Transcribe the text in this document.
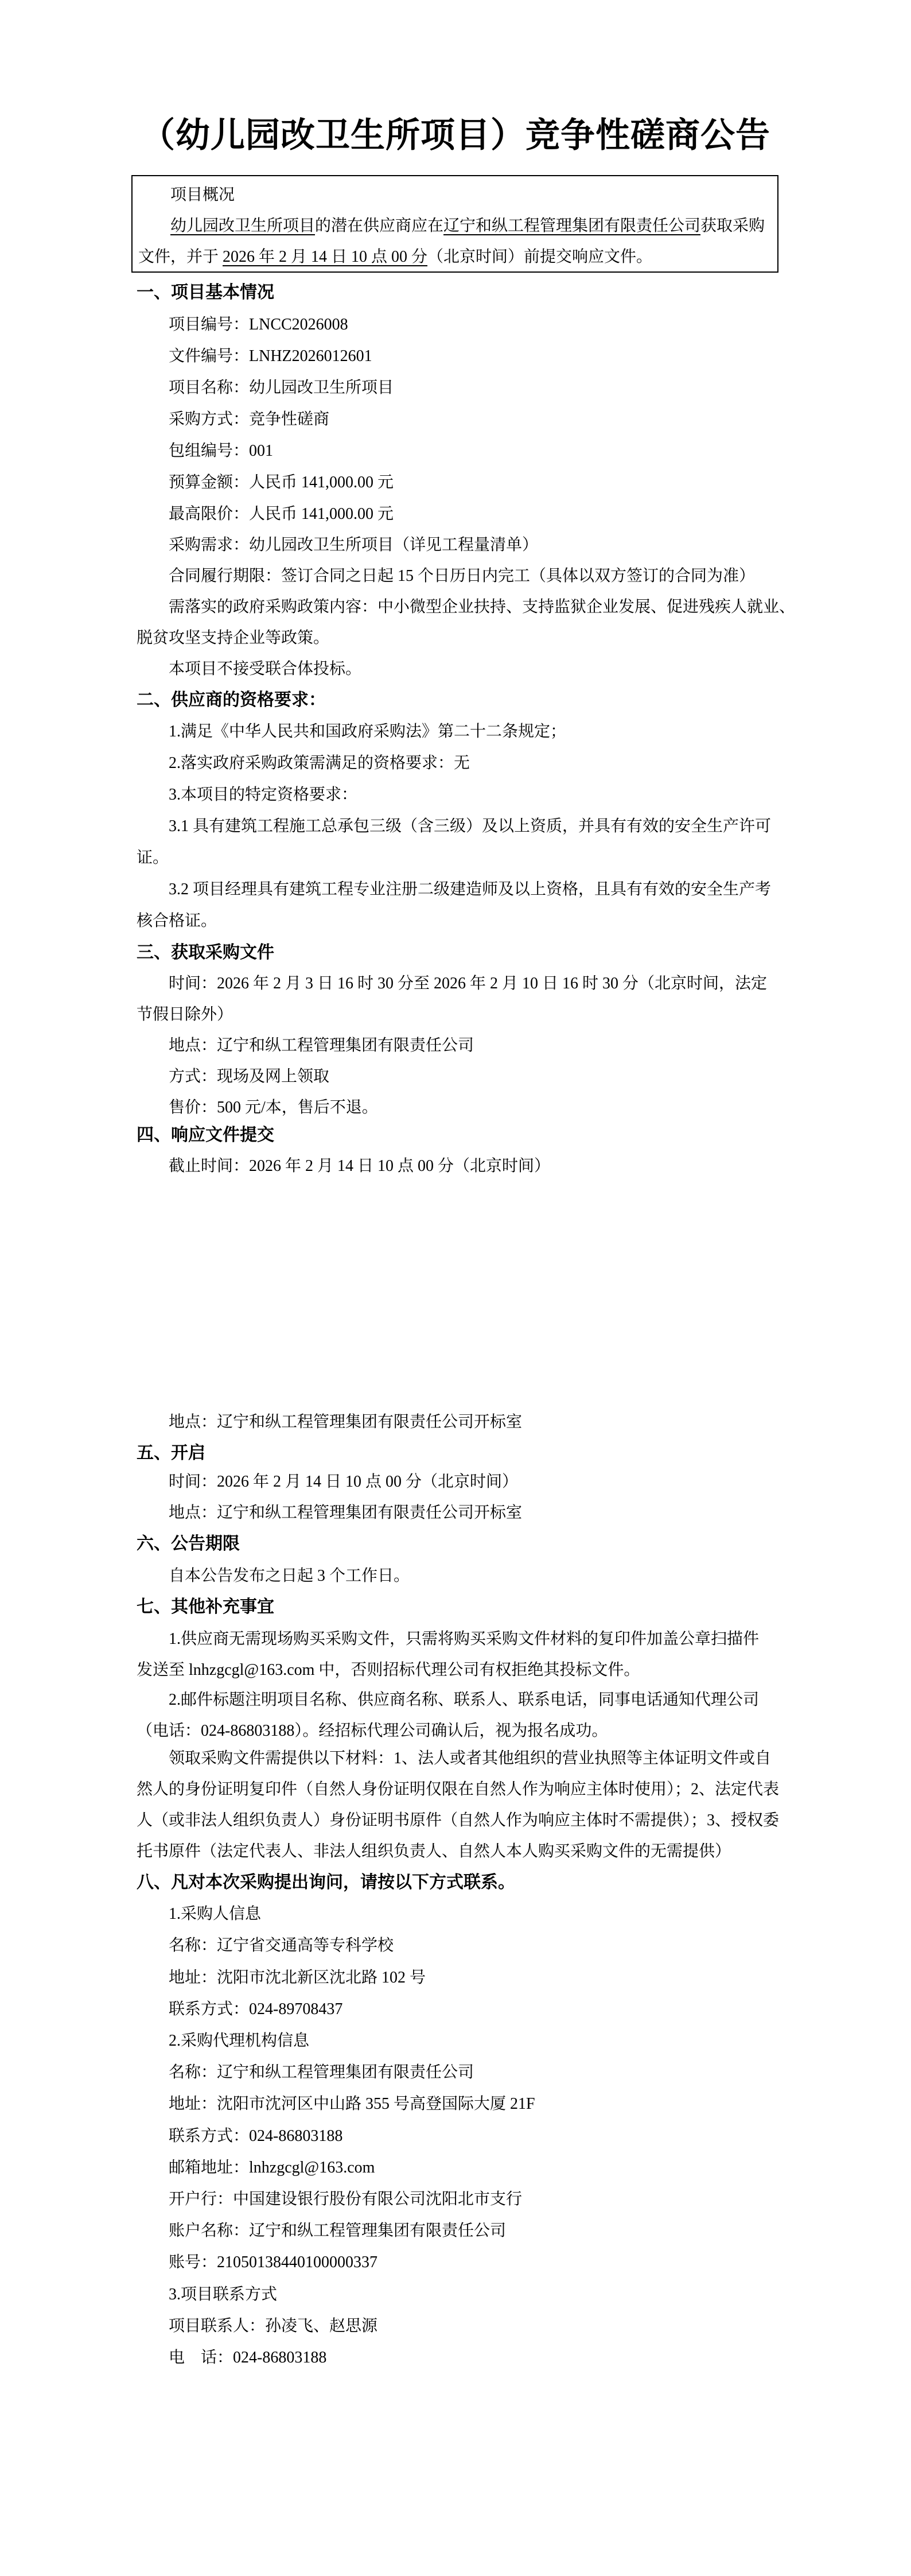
（幼儿园改卫生所项目）竞争性磋商公告
项目概况
幼儿园改卫生所项目的潜在供应商应在辽宁和纵工程管理集团有限责任公司获取采购
文件，并于 2026 年 2 月 14 日 10 点 00 分（北京时间）前提交响应文件。
一、项目基本情况
项目编号：LNCC2026008
文件编号：LNHZ2026012601
项目名称：幼儿园改卫生所项目
采购方式：竞争性磋商
包组编号：001
预算金额：人民币 141,000.00 元
最高限价：人民币 141,000.00 元
采购需求：幼儿园改卫生所项目（详见工程量清单）
合同履行期限：签订合同之日起 15 个日历日内完工（具体以双方签订的合同为准）
需落实的政府采购政策内容：中小微型企业扶持、支持监狱企业发展、促进残疾人就业、
脱贫攻坚支持企业等政策。
本项目不接受联合体投标。
二、供应商的资格要求：
1.满足《中华人民共和国政府采购法》第二十二条规定；
2.落实政府采购政策需满足的资格要求：无
3.本项目的特定资格要求：
3.1 具有建筑工程施工总承包三级（含三级）及以上资质，并具有有效的安全生产许可
证。
3.2 项目经理具有建筑工程专业注册二级建造师及以上资格，且具有有效的安全生产考
核合格证。
三、获取采购文件
时间：2026 年 2 月 3 日 16 时 30 分至 2026 年 2 月 10 日 16 时 30 分（北京时间，法定
节假日除外）
地点：辽宁和纵工程管理集团有限责任公司
方式：现场及网上领取
售价：500 元/本，售后不退。
四、响应文件提交
截止时间：2026 年 2 月 14 日 10 点 00 分（北京时间）
地点：辽宁和纵工程管理集团有限责任公司开标室
五、开启
时间：2026 年 2 月 14 日 10 点 00 分（北京时间）
地点：辽宁和纵工程管理集团有限责任公司开标室
六、公告期限
自本公告发布之日起 3 个工作日。
七、其他补充事宜
1.供应商无需现场购买采购文件，只需将购买采购文件材料的复印件加盖公章扫描件
发送至 lnhzgcgl@163.com 中，否则招标代理公司有权拒绝其投标文件。
2.邮件标题注明项目名称、供应商名称、联系人、联系电话，同事电话通知代理公司
（电话：024-86803188）。经招标代理公司确认后，视为报名成功。
领取采购文件需提供以下材料：1、法人或者其他组织的营业执照等主体证明文件或自
然人的身份证明复印件（自然人身份证明仅限在自然人作为响应主体时使用）；2、法定代表
人（或非法人组织负责人）身份证明书原件（自然人作为响应主体时不需提供）；3、授权委
托书原件（法定代表人、非法人组织负责人、自然人本人购买采购文件的无需提供）
八、凡对本次采购提出询问，请按以下方式联系。
1.采购人信息
名称：辽宁省交通高等专科学校
地址：沈阳市沈北新区沈北路 102 号
联系方式：024-89708437
2.采购代理机构信息
名称：辽宁和纵工程管理集团有限责任公司
地址：沈阳市沈河区中山路 355 号高登国际大厦 21F
联系方式：024-86803188
邮箱地址：lnhzgcgl@163.com
开户行：中国建设银行股份有限公司沈阳北市支行
账户名称：辽宁和纵工程管理集团有限责任公司
账号：21050138440100000337
3.项目联系方式
项目联系人：孙凌飞、赵思源
电　话：024-86803188
